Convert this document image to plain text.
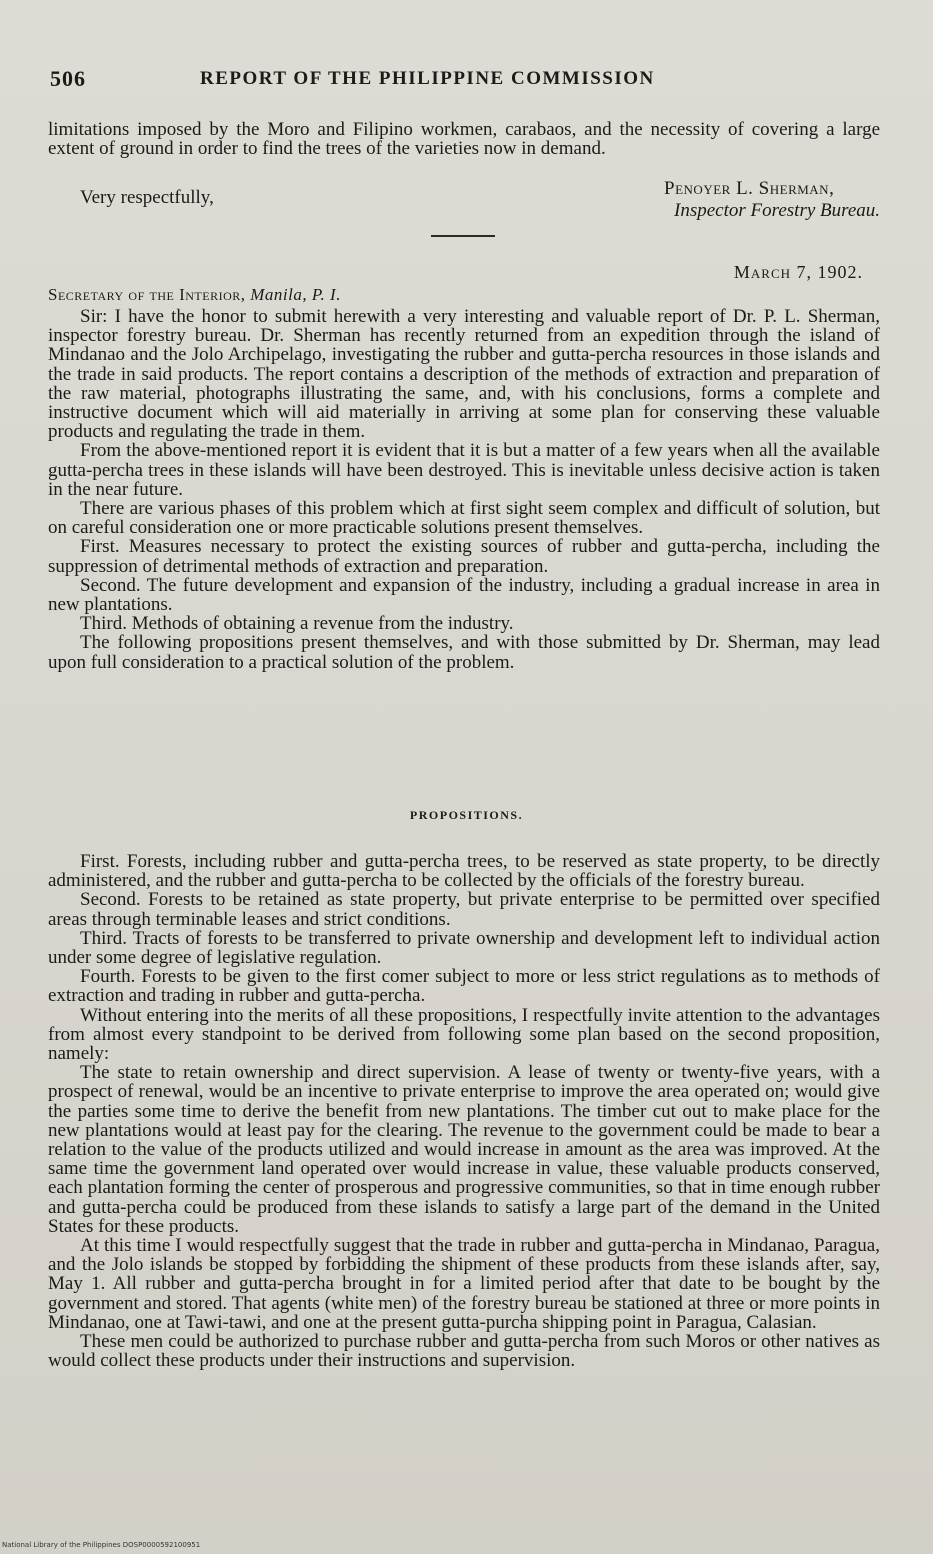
506	REPORT OF THE PHILIPPINE COMMISSION

limitations imposed by the Moro and Filipino workmen, carabaos, and the necessity of covering a large extent of ground in order to find the trees of the varieties now in demand.

Very respectfully,	Penoyer L. Sherman,
Inspector Forestry Bureau.
March 7, 1902.
Secretary of the Interior, Manila, P. I.

Sir: I have the honor to submit herewith a very interesting and valuable report of Dr. P. L. Sherman, inspector forestry bureau. Dr. Sherman has recently returned from an expedition through the island of Mindanao and the Jolo Archipelago, investigating the rubber and gutta-percha resources in those islands and the trade in said products. The report contains a description of the methods of extraction and preparation of the raw material, photographs illustrating the same, and, with his conclusions, forms a complete and instructive document which will aid materially in arriving at some plan for conserving these valuable products and regulating the trade in them.

From the above-mentioned report it is evident that it is but a matter of a few years when all the available gutta-percha trees in these islands will have been destroyed. This is inevitable unless decisive action is taken in the near future.

There are various phases of this problem which at first sight seem complex and difficult of solution, but on careful consideration one or more practicable solutions present themselves.

First. Measures necessary to protect the existing sources of rubber and gutta-percha, including the suppression of detrimental methods of extraction and preparation.

Second. The future development and expansion of the industry, including a gradual increase in area in new plantations.

Third. Methods of obtaining a revenue from the industry.

The following propositions present themselves, and with those submitted by Dr. Sherman, may lead upon full consideration to a practical solution of the problem.

PROPOSITIONS.

First. Forests, including rubber and gutta-percha trees, to be reserved as state property, to be directly administered, and the rubber and gutta-percha to be collected by the officials of the forestry bureau.

Second. Forests to be retained as state property, but private enterprise to be permitted over specified areas through terminable leases and strict conditions.

Third. Tracts of forests to be transferred to private ownership and development left to individual action under some degree of legislative regulation.

Fourth. Forests to be given to the first comer subject to more or less strict regulations as to methods of extraction and trading in rubber and gutta-percha.

Without entering into the merits of all these propositions, I respectfully invite attention to the advantages from almost every standpoint to be derived from following some plan based on the second proposition, namely:

The state to retain ownership and direct supervision. A lease of twenty or twenty-five years, with a prospect of renewal, would be an incentive to private enterprise to improve the area operated on; would give the parties some time to derive the benefit from new plantations. The timber cut out to make place for the new plantations would at least pay for the clearing. The revenue to the government could be made to bear a relation to the value of the products utilized and would increase in amount as the area was improved. At the same time the government land operated over would increase in value, these valuable products conserved, each plantation forming the center of prosperous and progressive communities, so that in time enough rubber and gutta-percha could be produced from these islands to satisfy a large part of the demand in the United States for these products.

At this time I would respectfully suggest that the trade in rubber and gutta-percha in Mindanao, Paragua, and the Jolo islands be stopped by forbidding the shipment of these products from these islands after, say, May 1. All rubber and gutta-percha brought in for a limited period after that date to be bought by the government and stored. That agents (white men) of the forestry bureau be stationed at three or more points in Mindanao, one at Tawi-tawi, and one at the present gutta-purcha shipping point in Paragua, Calasian.

These men could be authorized to purchase rubber and gutta-percha from such Moros or other natives as would collect these products under their instructions and supervision.

National Library of the Philippines DOSP0000592100951
